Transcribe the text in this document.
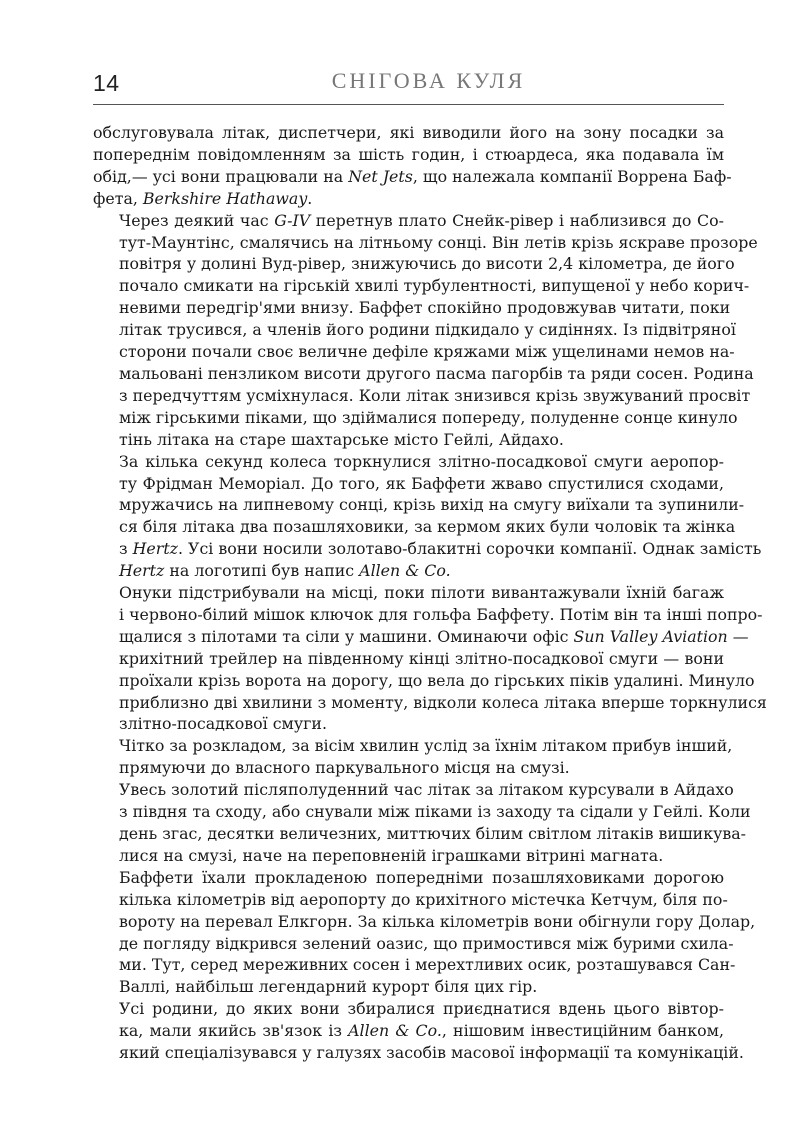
14	СНІГОВА КУЛЯ

обслуговувала літак, диспетчери, які виводили його на зону посадки за
попереднім повідомленням за шість годин, і стюардеса, яка подавала їм
обід,— усі вони працювали на Net Jets, що належала компанії Воррена Баф-
фета, Berkshire Hathaway.

Через деякий час G-IV перетнув плато Снейк-рівер і наблизився до Со-
тут-Маунтінс, смалячись на літньому сонці. Він летів крізь яскраве прозоре
повітря у долині Вуд-рівер, знижуючись до висоти 2,4 кілометра, де його
почало смикати на гірській хвилі турбулентності, випущеної у небо корич-
невими передгір'ями внизу. Баффет спокійно продовжував читати, поки
літак трусився, а членів його родини підкидало у сидіннях. Із підвітряної
сторони почали своє величне дефіле кряжами між ущелинами немов на-
мальовані пензликом висоти другого пасма пагорбів та ряди сосен. Родина
з передчуттям усміхнулася. Коли літак знизився крізь звужуваний просвіт
між гірськими піками, що здіймалися попереду, полуденне сонце кинуло
тінь літака на старе шахтарське місто Гейлі, Айдахо.

За кілька секунд колеса торкнулися злітно-посадкової смуги аеропор-
ту Фрідман Меморіал. До того, як Баффети жваво спустилися сходами,
мружачись на липневому сонці, крізь вихід на смугу виїхали та зупинили-
ся біля літака два позашляховики, за кермом яких були чоловік та жінка
з Hertz. Усі вони носили золотаво-блакитні сорочки компанії. Однак замість
Hertz на логотипі був напис Allen & Co.

Онуки підстрибували на місці, поки пілоти вивантажували їхній багаж
і червоно-білий мішок ключок для гольфа Баффету. Потім він та інші попро-
щалися з пілотами та сіли у машини. Оминаючи офіс Sun Valley Aviation —
крихітний трейлер на південному кінці злітно-посадкової смуги — вони
проїхали крізь ворота на дорогу, що вела до гірських піків удалині. Минуло
приблизно дві хвилини з моменту, відколи колеса літака вперше торкнулися
злітно-посадкової смуги.

Чітко за розкладом, за вісім хвилин услід за їхнім літаком прибув інший,
прямуючи до власного паркувального місця на смузі.

Увесь золотий післяполуденний час літак за літаком курсували в Айдахо
з півдня та сходу, або снували між піками із заходу та сідали у Гейлі. Коли
день згас, десятки величезних, миттючих білим світлом літаків вишикува-
лися на смузі, наче на переповненій іграшками вітрині магната.

Баффети їхали прокладеною попередніми позашляховиками дорогою
кілька кілометрів від аеропорту до крихітного містечка Кетчум, біля по-
вороту на перевал Елкгорн. За кілька кілометрів вони обігнули гору Долар,
де погляду відкрився зелений оазис, що примостився між бурими схила-
ми. Тут, серед мереживних сосен і мерехтливих осик, розташувався Сан-
Валлі, найбільш легендарний курорт біля цих гір.

Усі родини, до яких вони збиралися приєднатися вдень цього вівтор-
ка, мали якийсь зв'язок із Allen & Co., нішовим інвестиційним банком,
який спеціалізувався у галузях засобів масової інформації та комунікацій.
